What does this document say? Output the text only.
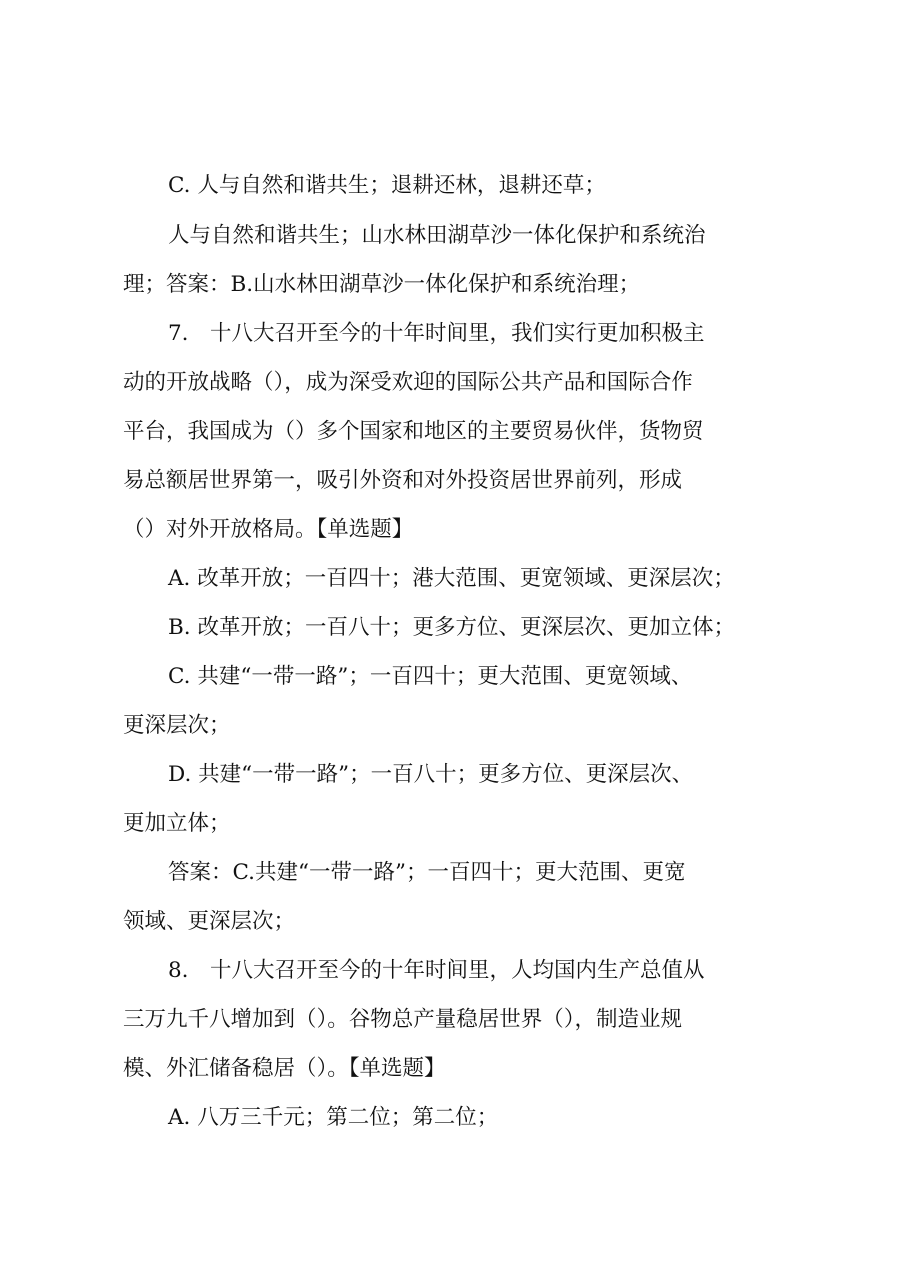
C. 人与自然和谐共生；退耕还林，退耕还草；

人与自然和谐共生；山水林田湖草沙一体化保护和系统治

理；答案：B.山水林田湖草沙一体化保护和系统治理；

7.　十八大召开至今的十年时间里，我们实行更加积极主

动的开放战略（），成为深受欢迎的国际公共产品和国际合作

平台，我国成为（）多个国家和地区的主要贸易伙伴，货物贸

易总额居世界第一，吸引外资和对外投资居世界前列，形成

（）对外开放格局。【单选题】

A. 改革开放；一百四十；港大范围、更宽领域、更深层次；

B. 改革开放；一百八十；更多方位、更深层次、更加立体；

C. 共建“一带一路”；一百四十；更大范围、更宽领域、

更深层次；

D. 共建“一带一路”；一百八十；更多方位、更深层次、

更加立体；

答案：C.共建“一带一路”；一百四十；更大范围、更宽

领域、更深层次；

8.　十八大召开至今的十年时间里，人均国内生产总值从

三万九千八增加到（）。谷物总产量稳居世界（），制造业规

模、外汇储备稳居（）。【单选题】

A. 八万三千元；第二位；第二位；
